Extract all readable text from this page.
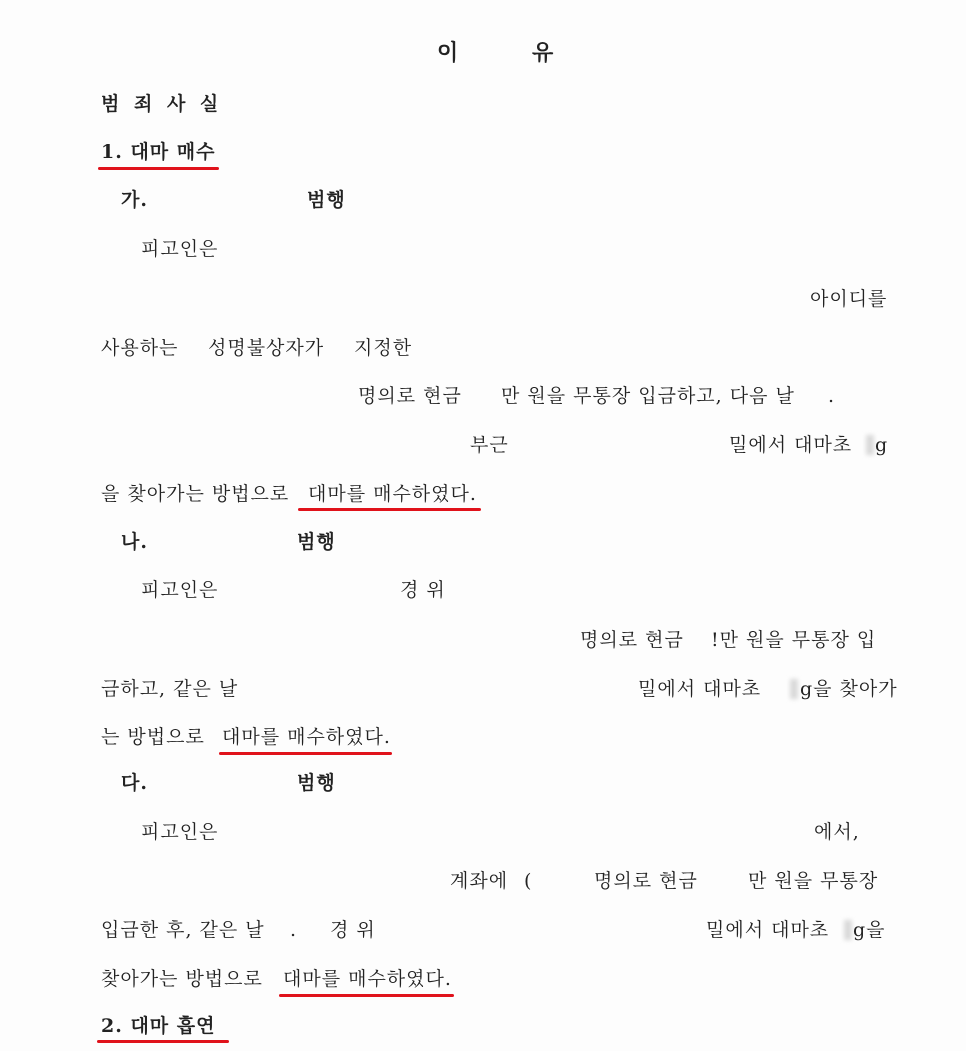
이	유
범 죄 사 실
1. 대마 매수
가.	범행
피고인은
아이디를
사용하는 성명불상자가 지정한
명의로 현금 만 원을 무통장 입금하고, 다음 날 .
부근	밀에서 대마초 g
을 찾아가는 방법으로 대마를 매수하였다.
나.	범행
피고인은	경 위
명의로 현금 !만 원을 무통장 입
금하고, 같은 날	밀에서 대마초 g을 찾아가
는 방법으로 대마를 매수하였다.
다.	범행
피고인은	에서,
계좌에 (	명의로 현금	만 원을 무통장
입금한 후, 같은 날 . 경 위	밀에서 대마초 g을
찾아가는 방법으로 대마를 매수하였다.
2. 대마 흡연
